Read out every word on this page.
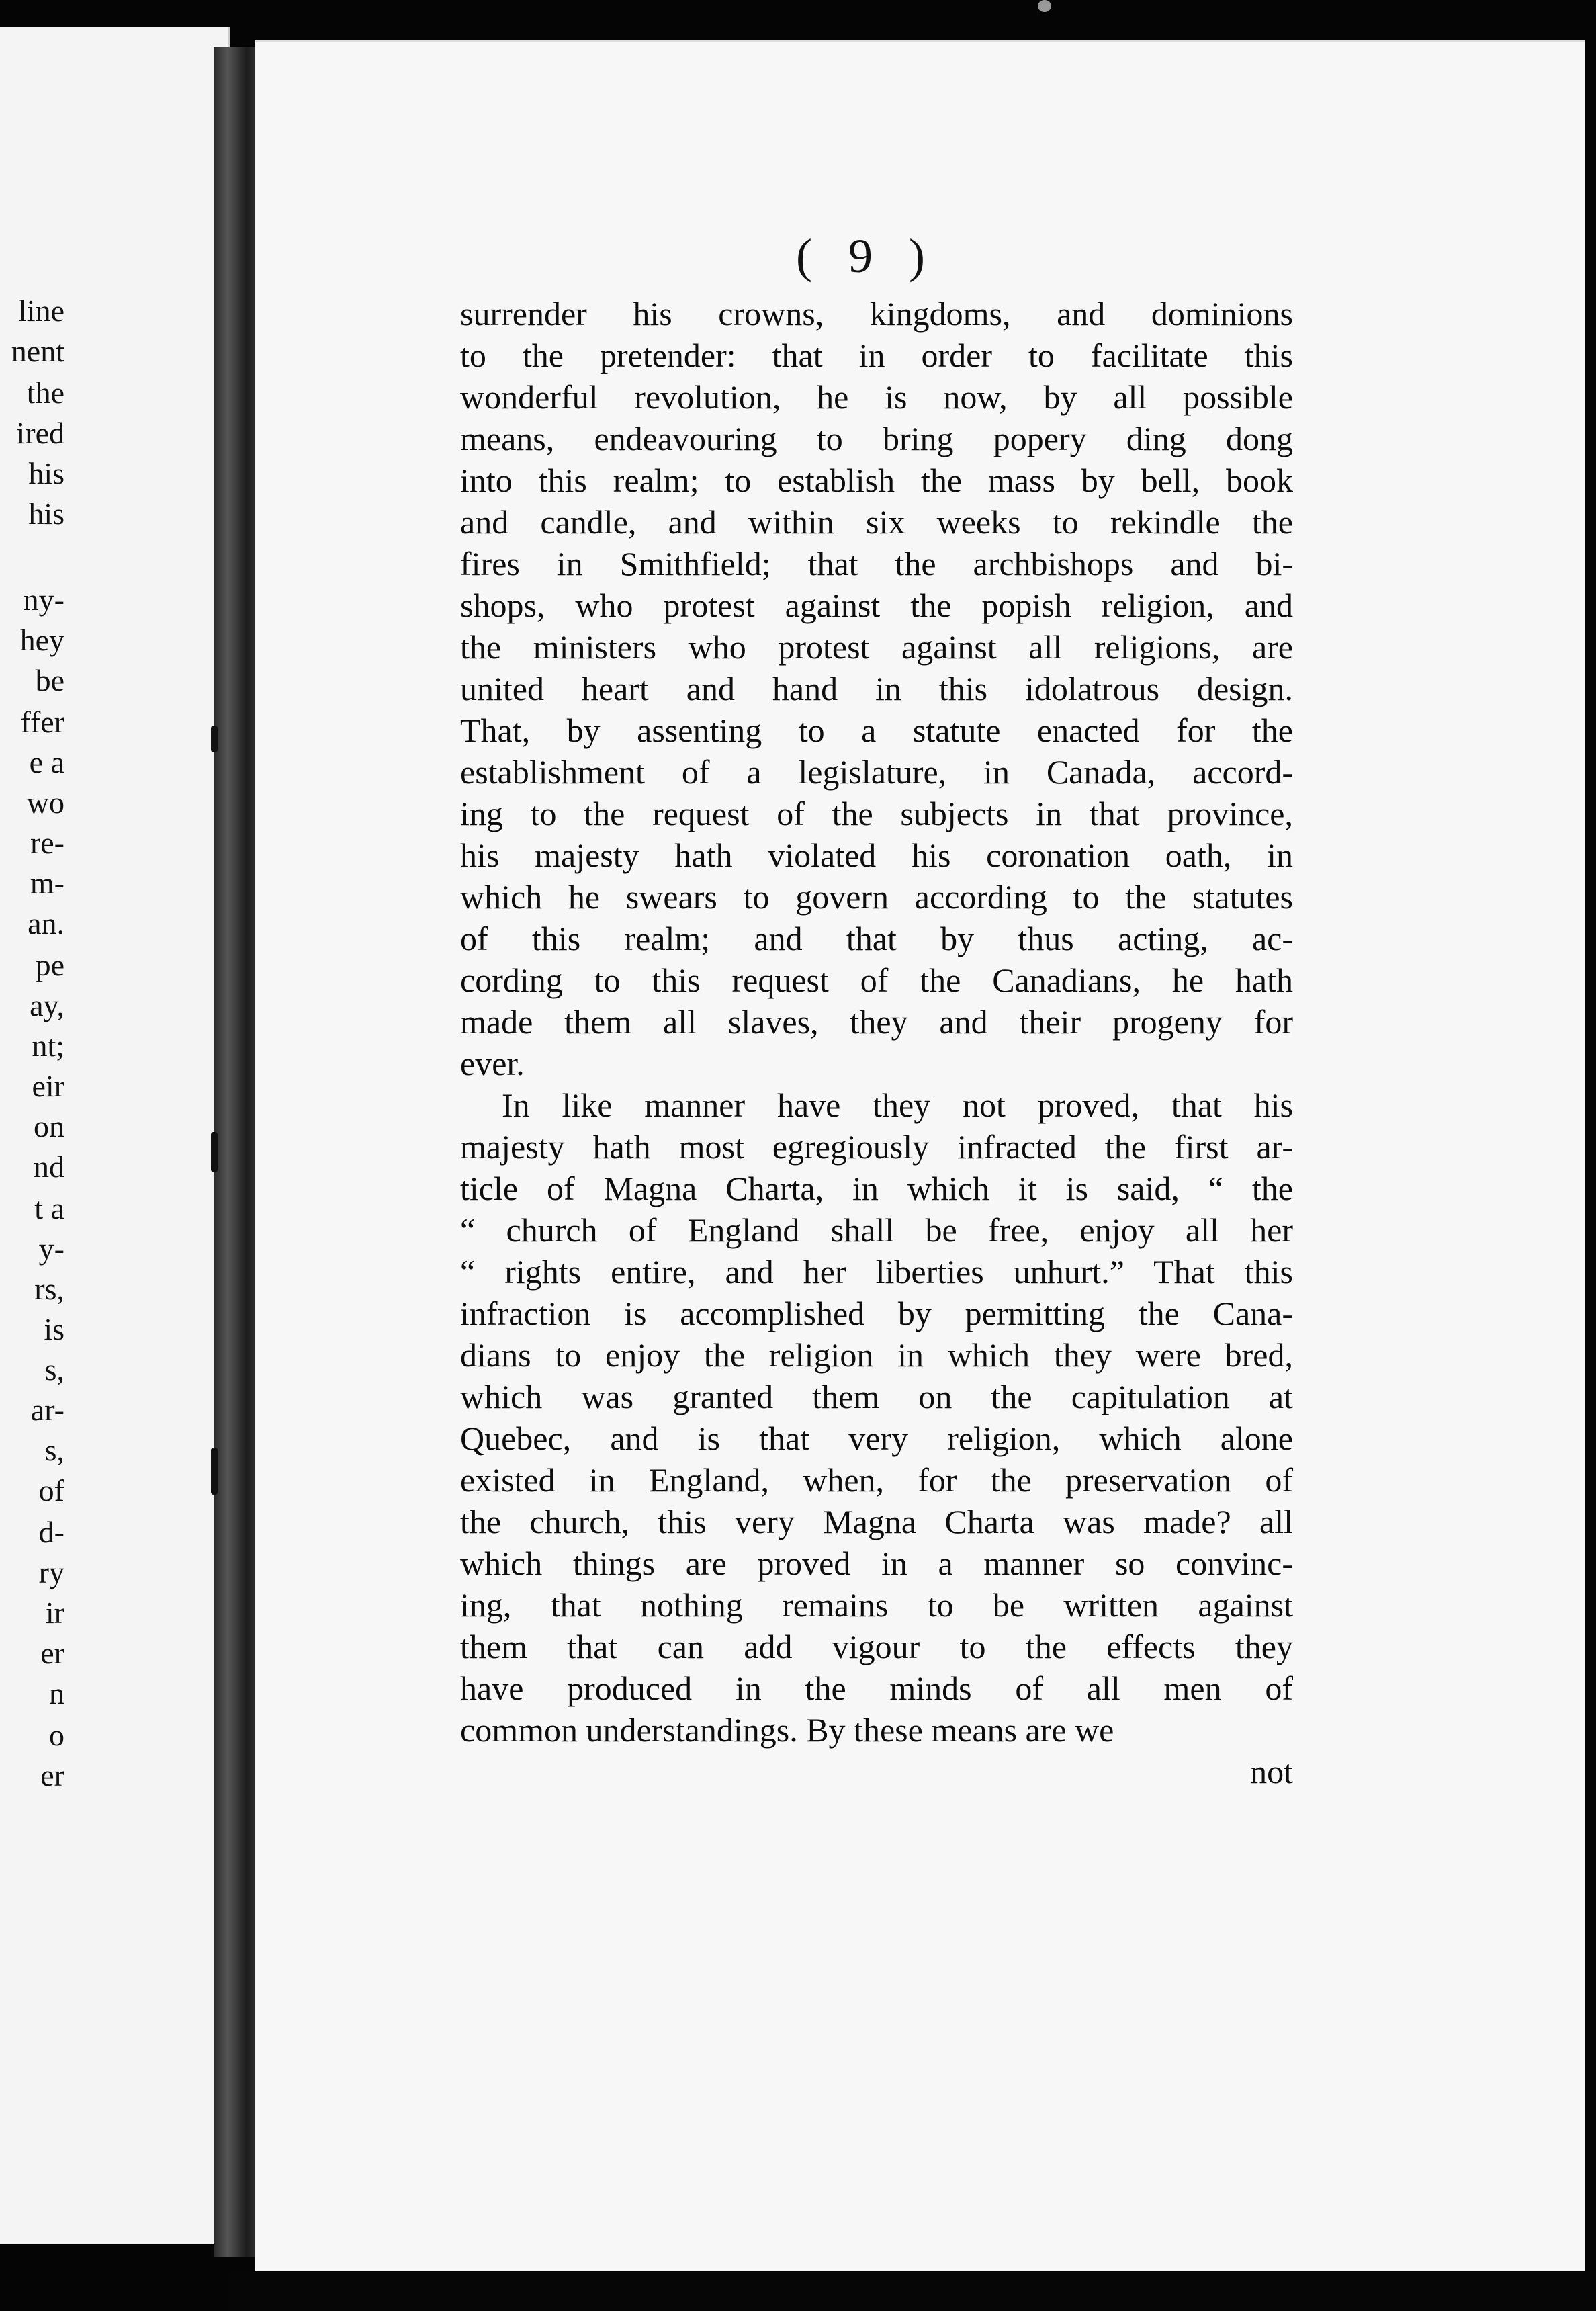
line
nent
the
ired
his
his
ny-
hey
be
ffer
e a
wo
re-
m-
an.
pe
ay,
nt;
eir
on
nd
t a
y-
rs,
is
s,
ar-
s,
of
d-
ry
ir
er
n
o
er
( 9 )
surrender his crowns, kingdoms, and dominions
to the pretender: that in order to facilitate this
wonderful revolution, he is now, by all possible
means, endeavouring to bring popery ding dong
into this realm; to establish the mass by bell, book
and candle, and within six weeks to rekindle the
fires in Smithfield; that the archbishops and bi-
shops, who protest against the popish religion, and
the ministers who protest against all religions, are
united heart and hand in this idolatrous design.
That, by assenting to a statute enacted for the
establishment of a legislature, in Canada, accord-
ing to the request of the subjects in that province,
his majesty hath violated his coronation oath, in
which he swears to govern according to the statutes
of this realm; and that by thus acting, ac-
cording to this request of the Canadians, he hath
made them all slaves, they and their progeny for
ever.
In like manner have they not proved, that his
majesty hath most egregiously infracted the first ar-
ticle of Magna Charta, in which it is said, “ the
“ church of England shall be free, enjoy all her
“ rights entire, and her liberties unhurt.” That this
infraction is accomplished by permitting the Cana-
dians to enjoy the religion in which they were bred,
which was granted them on the capitulation at
Quebec, and is that very religion, which alone
existed in England, when, for the preservation of
the church, this very Magna Charta was made? all
which things are proved in a manner so convinc-
ing, that nothing remains to be written against
them that can add vigour to the effects they
have produced in the minds of all men of
common understandings. By these means are we
not
